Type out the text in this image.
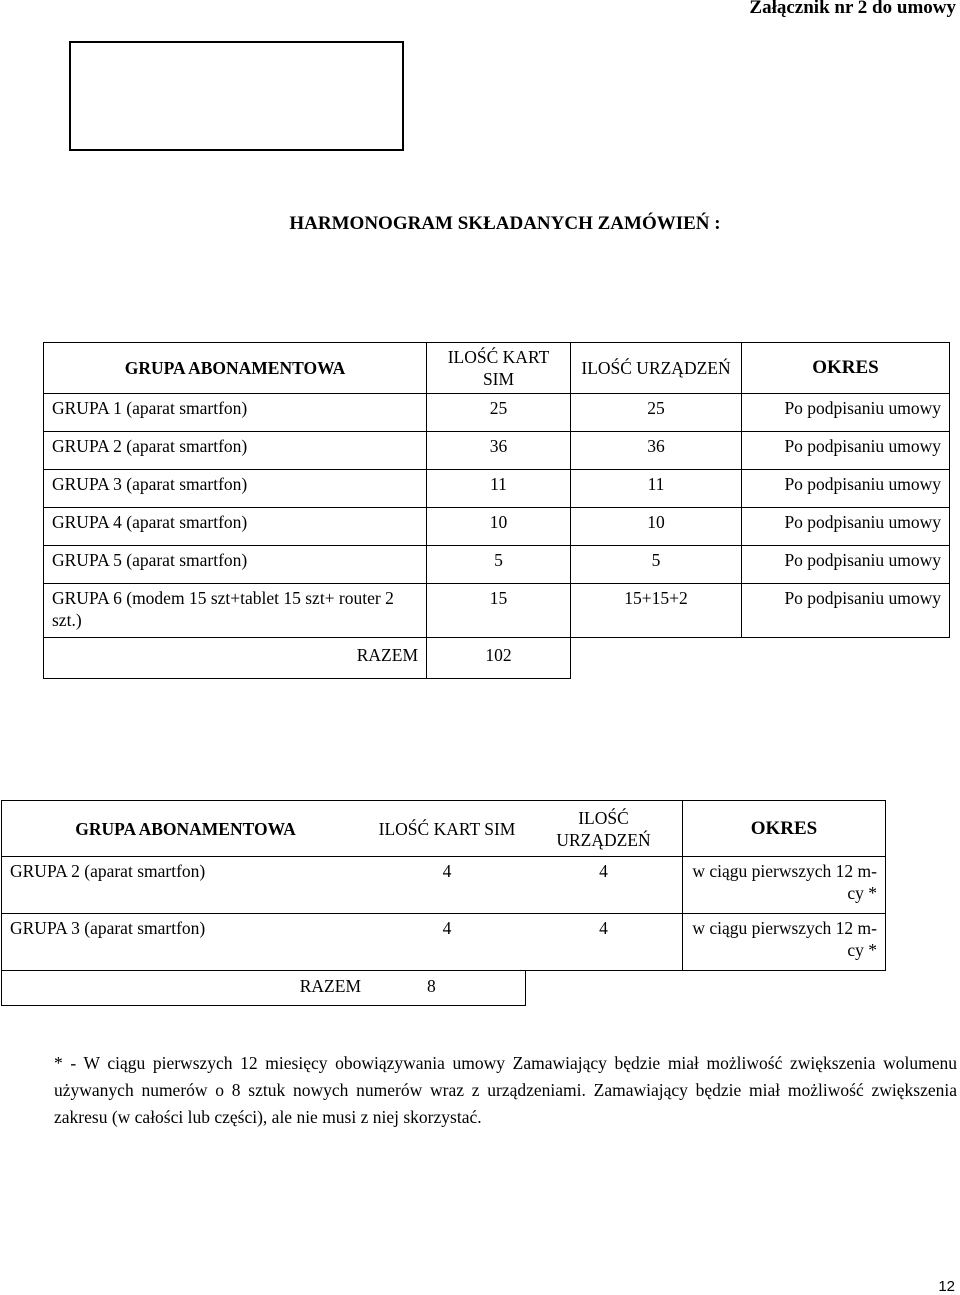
Załącznik nr 2 do umowy
HARMONOGRAM SKŁADANYCH ZAMÓWIEŃ :
GRUPA ABONAMENTOWA	ILOŚĆ KART SIM	ILOŚĆ URZĄDZEŃ	OKRES
GRUPA 1 (aparat smartfon)	25	25	Po podpisaniu umowy
GRUPA 2 (aparat smartfon)	36	36	Po podpisaniu umowy
GRUPA 3 (aparat smartfon)	11	11	Po podpisaniu umowy
GRUPA 4 (aparat smartfon)	10	10	Po podpisaniu umowy
GRUPA 5 (aparat smartfon)	5	5	Po podpisaniu umowy
GRUPA 6 (modem 15 szt+tablet 15 szt+ router 2 szt.)	15	15+15+2	Po podpisaniu umowy
RAZEM	102		
GRUPA ABONAMENTOWA	ILOŚĆ KART SIM	ILOŚĆ URZĄDZEŃ	OKRES
GRUPA 2 (aparat smartfon)	4	4	w ciągu pierwszych 12 m-cy *
GRUPA 3 (aparat smartfon)	4	4	w ciągu pierwszych 12 m-cy *
RAZEM	8		
* - W ciągu pierwszych 12 miesięcy obowiązywania umowy Zamawiający będzie miał możliwość zwiększenia wolumenu używanych numerów o 8 sztuk nowych numerów wraz z urządzeniami. Zamawiający będzie miał możliwość zwiększenia zakresu (w całości lub części), ale nie musi z niej skorzystać.
12
